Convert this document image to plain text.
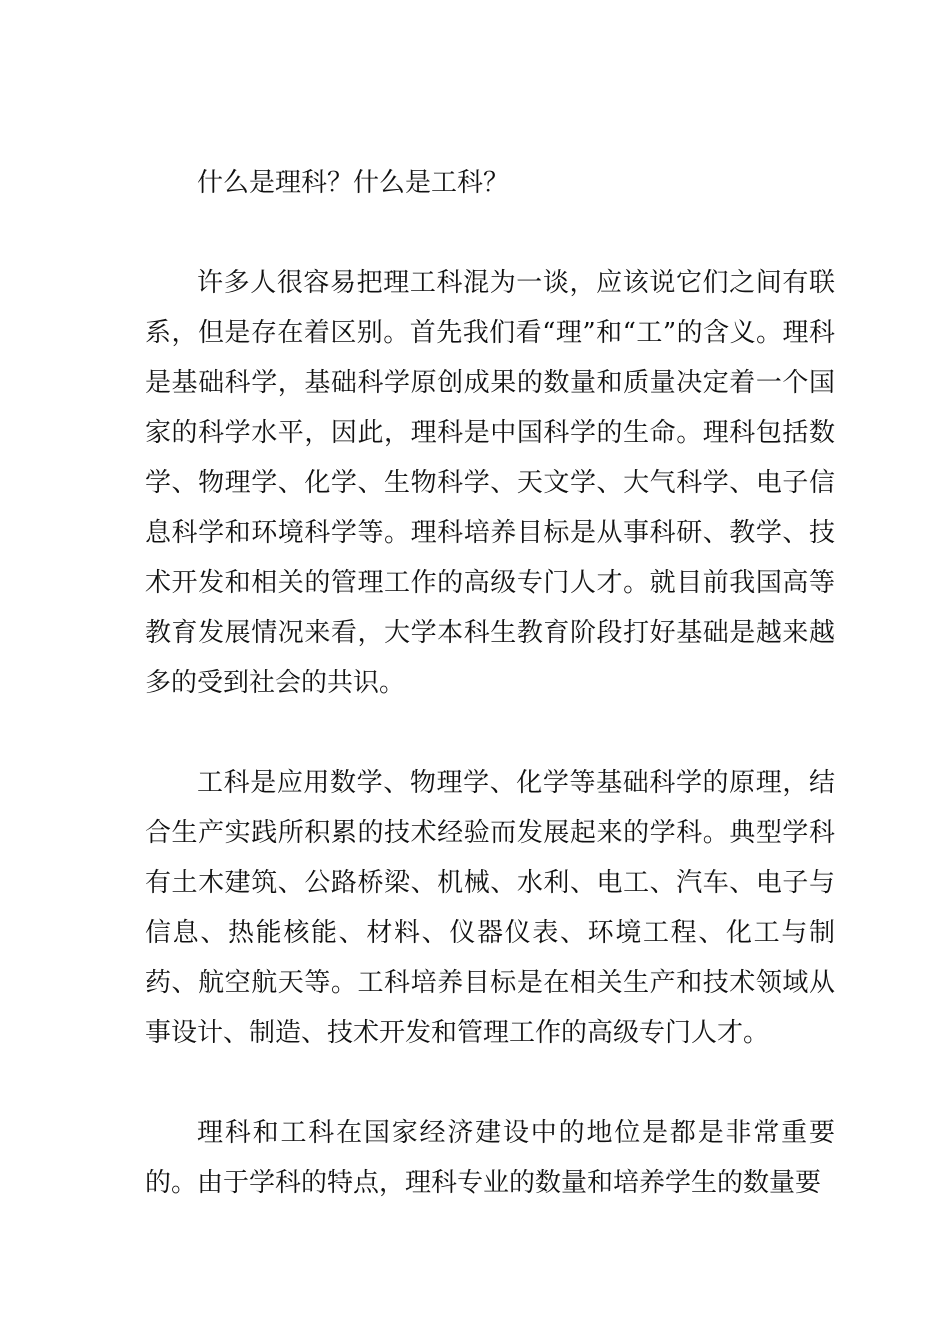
什么是理科？什么是工科？

许多人很容易把理工科混为一谈，应该说它们之间有联系，但是存在着区别。首先我们看“理”和“工”的含义。理科是基础科学，基础科学原创成果的数量和质量决定着一个国家的科学水平，因此，理科是中国科学的生命。理科包括数学、物理学、化学、生物科学、天文学、大气科学、电子信息科学和环境科学等。理科培养目标是从事科研、教学、技术开发和相关的管理工作的高级专门人才。就目前我国高等教育发展情况来看，大学本科生教育阶段打好基础是越来越多的受到社会的共识。

工科是应用数学、物理学、化学等基础科学的原理，结合生产实践所积累的技术经验而发展起来的学科。典型学科有土木建筑、公路桥梁、机械、水利、电工、汽车、电子与信息、热能核能、材料、仪器仪表、环境工程、化工与制药、航空航天等。工科培养目标是在相关生产和技术领域从事设计、制造、技术开发和管理工作的高级专门人才。

理科和工科在国家经济建设中的地位是都是非常重要的。由于学科的特点，理科专业的数量和培养学生的数量要
